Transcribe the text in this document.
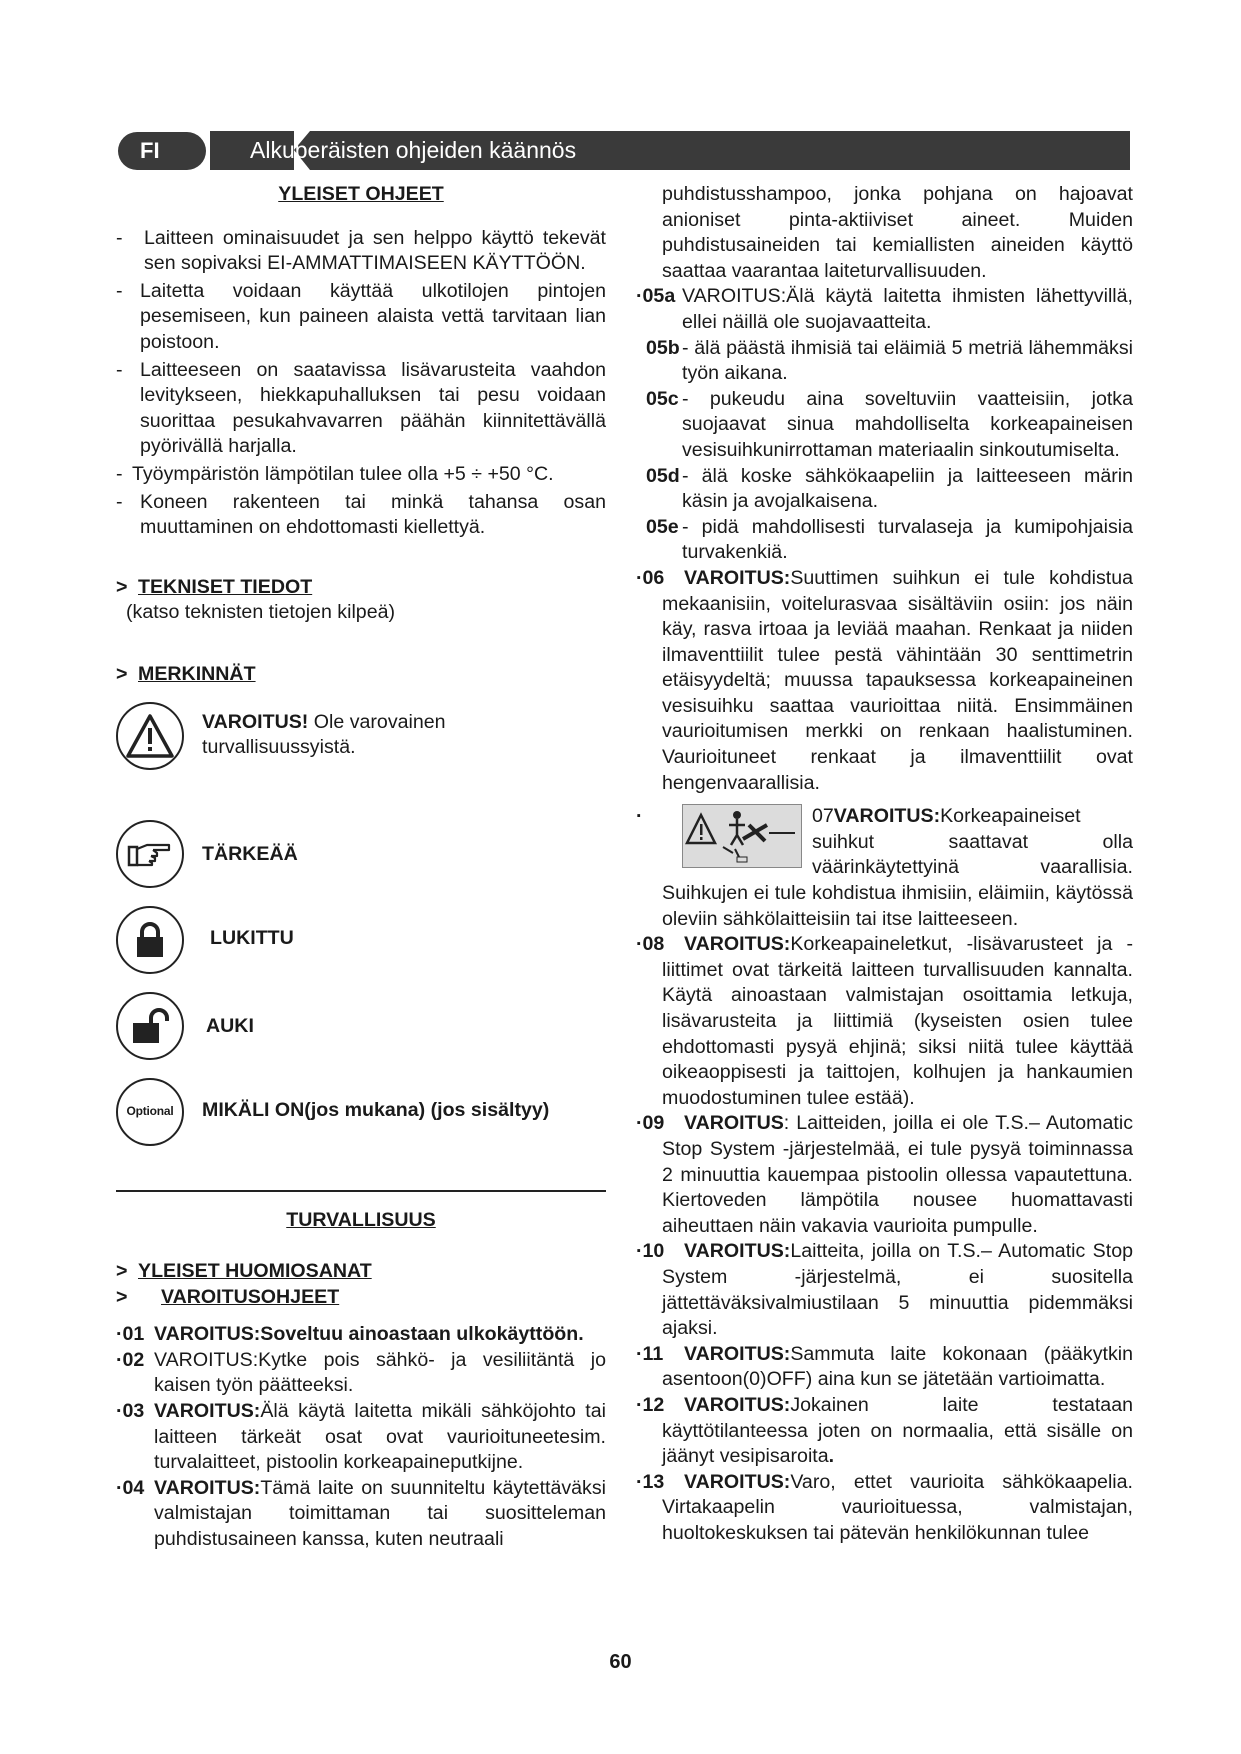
FI	Alkuperäisten ohjeiden käännös
YLEISET OHJEET
- Laitteen ominaisuudet ja sen helppo käyttö tekevät sen sopivaksi EI-AMMATTIMAISEEN KÄYTTÖÖN.
- Laitetta voidaan käyttää ulkotilojen pintojen pesemiseen, kun paineen alaista vettä tarvitaan lian poistoon.
- Laitteeseen on saatavissa lisävarusteita vaahdon levitykseen, hiekkapuhalluksen tai pesu voidaan suorittaa pesukahvavarren päähän kiinnitettävällä pyörivällä harjalla.
- Työympäristön lämpötilan tulee olla +5 ÷ +50 °C.
- Koneen rakenteen tai minkä tahansa osan muuttaminen on ehdottomasti kiellettyä.
> TEKNISET TIEDOT
(katso teknisten tietojen kilpeä)
> MERKINNÄT
VAROITUS! Ole varovainen turvallisuussyistä.
TÄRKEÄÄ
LUKITTU
AUKI
Optional MIKÄLI ON(jos mukana) (jos sisältyy)
TURVALLISUUS
> YLEISET HUOMIOSANAT
> VAROITUSOHJEET
·01 VAROITUS:Soveltuu ainoastaan ulkokäyttöön.
·02 VAROITUS:Kytke pois sähkö- ja vesiliitäntä jo kaisen työn päätteeksi.
·03 VAROITUS:Älä käytä laitetta mikäli sähköjohto tai laitteen tärkeät osat ovat vaurioituneetesim. turvalaitteet, pistoolin korkeapaineputkijne.
·04 VAROITUS:Tämä laite on suunniteltu käytettäväksi valmistajan toimittaman tai suositteleman puhdistusaineen kanssa, kuten neutraali

puhdistusshampoo, jonka pohjana on hajoavat anioniset pinta-aktiiviset aineet. Muiden puhdistusaineiden tai kemiallisten aineiden käyttö saattaa vaarantaa laiteturvallisuuden.

·05a VAROITUS:Älä käytä laitetta ihmisten lähettyvillä, ellei näillä ole suojavaatteita.
05b - älä päästä ihmisiä tai eläimiä 5 metriä lähemmäksi työn aikana.
05c - pukeudu aina soveltuviin vaatteisiin, jotka suojaavat sinua mahdolliselta korkeapaineisen vesisuihkunirrottaman materiaalin sinkoutumiselta.
05d - älä koske sähkökaapeliin ja laitteeseen märin käsin ja avojalkaisena.
05e - pidä mahdollisesti turvalaseja ja kumipohjaisia turvakenkiä.
·06 VAROITUS:Suuttimen suihkun ei tule kohdistua mekaanisiin, voitelurasvaa sisältäviin osiin: jos näin käy, rasva irtoaa ja leviää maahan. Renkaat ja niiden ilmaventtiilit tulee pestä vähintään 30 senttimetrin etäisyydeltä; muussa tapauksessa korkeapaineinen vesisuihku saattaa vaurioittaa niitä. Ensimmäinen vaurioitumisen merkki on renkaan haalistuminen. Vaurioituneet renkaat ja ilmaventtiilit ovat hengenvaarallisia.
·	07VAROITUS:Korkeapaineiset suihkut saattavat olla väärinkäytettyinä vaarallisia. Suihkujen ei tule kohdistua ihmisiin, eläimiin, käytössä oleviin sähkölaitteisiin tai itse laitteeseen.
·08 VAROITUS:Korkeapaineletkut, -lisävarusteet ja -liittimet ovat tärkeitä laitteen turvallisuuden kannalta. Käytä ainoastaan valmistajan osoittamia letkuja, lisävarusteita ja liittimiä (kyseisten osien tulee ehdottomasti pysyä ehjinä; siksi niitä tulee käyttää oikeaoppisesti ja taittojen, kolhujen ja hankaumien muodostuminen tulee estää).
·09 VAROITUS: Laitteiden, joilla ei ole T.S.– Automatic Stop System -järjestelmää, ei tule pysyä toiminnassa 2 minuuttia kauempaa pistoolin ollessa vapautettuna. Kiertoveden lämpötila nousee huomattavasti aiheuttaen näin vakavia vaurioita pumpulle.
·10 VAROITUS:Laitteita, joilla on T.S.– Automatic Stop System -järjestelmä, ei suositella jättettäväksivalmiustilaan 5 minuuttia pidemmäksi ajaksi.
·11 VAROITUS:Sammuta laite kokonaan (pääkytkin asentoon(0)OFF) aina kun se jätetään vartioimatta.
·12 VAROITUS:Jokainen laite testataan käyttötilanteessa joten on normaalia, että sisälle on jäänyt vesipisaroita.
·13 VAROITUS:Varo, ettet vaurioita sähkökaapelia. Virtakaapelin vaurioituessa, valmistajan, huoltokeskuksen tai pätevän henkilökunnan tulee
60
